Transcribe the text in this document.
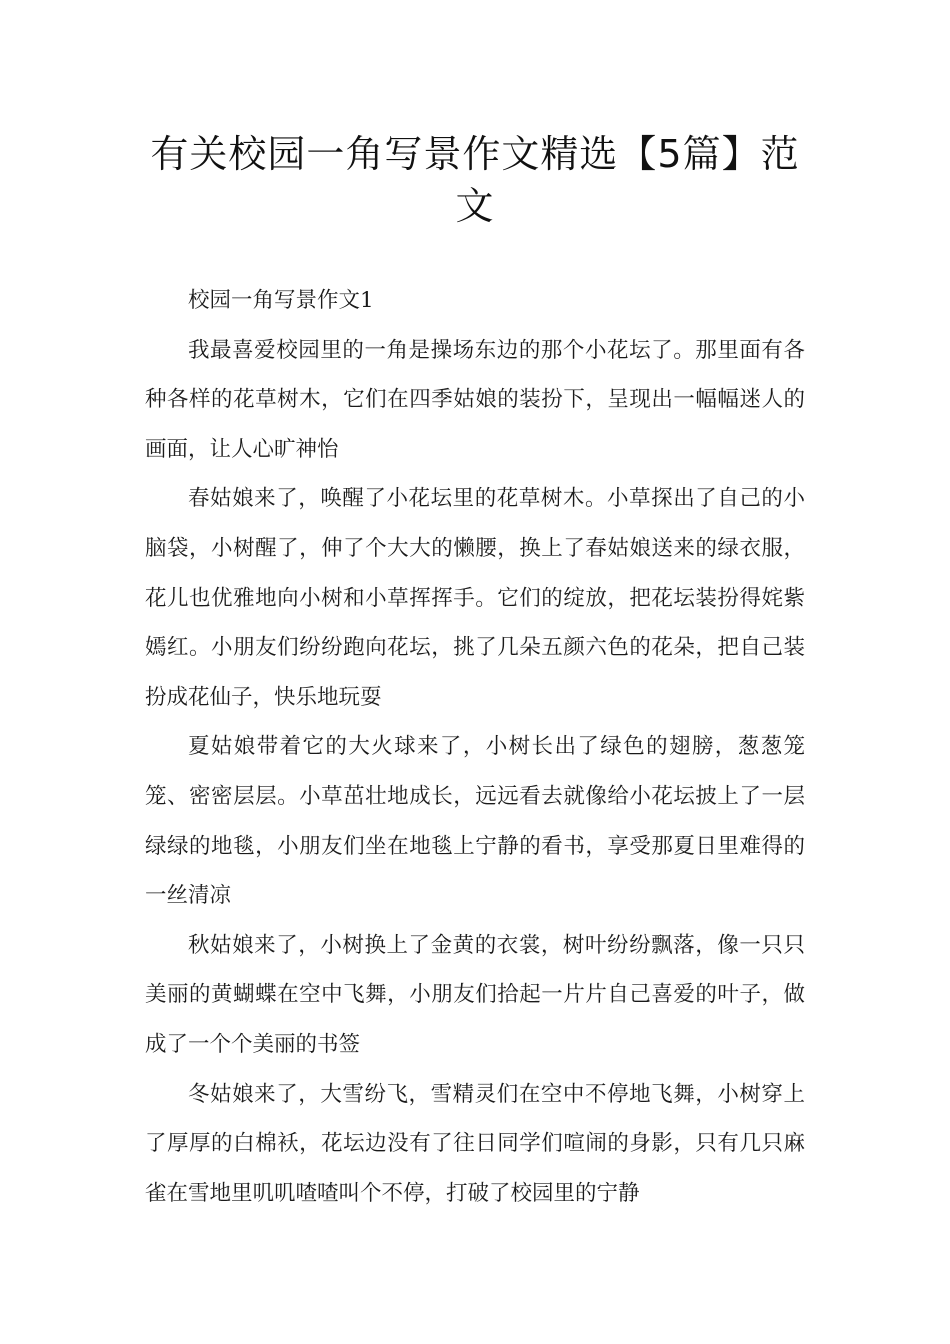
有关校园一角写景作文精选【5篇】范文

校园一角写景作文1

我最喜爱校园里的一角是操场东边的那个小花坛了。那里面有各种各样的花草树木，它们在四季姑娘的装扮下，呈现出一幅幅迷人的画面，让人心旷神怡

春姑娘来了，唤醒了小花坛里的花草树木。小草探出了自己的小脑袋，小树醒了，伸了个大大的懒腰，换上了春姑娘送来的绿衣服，花儿也优雅地向小树和小草挥挥手。它们的绽放，把花坛装扮得姹紫嫣红。小朋友们纷纷跑向花坛，挑了几朵五颜六色的花朵，把自己装扮成花仙子，快乐地玩耍

夏姑娘带着它的大火球来了，小树长出了绿色的翅膀，葱葱笼笼、密密层层。小草茁壮地成长，远远看去就像给小花坛披上了一层绿绿的地毯，小朋友们坐在地毯上宁静的看书，享受那夏日里难得的一丝清凉

秋姑娘来了，小树换上了金黄的衣裳，树叶纷纷飘落，像一只只美丽的黄蝴蝶在空中飞舞，小朋友们拾起一片片自己喜爱的叶子，做成了一个个美丽的书签

冬姑娘来了，大雪纷飞，雪精灵们在空中不停地飞舞，小树穿上了厚厚的白棉袄，花坛边没有了往日同学们喧闹的身影，只有几只麻雀在雪地里叽叽喳喳叫个不停，打破了校园里的宁静
